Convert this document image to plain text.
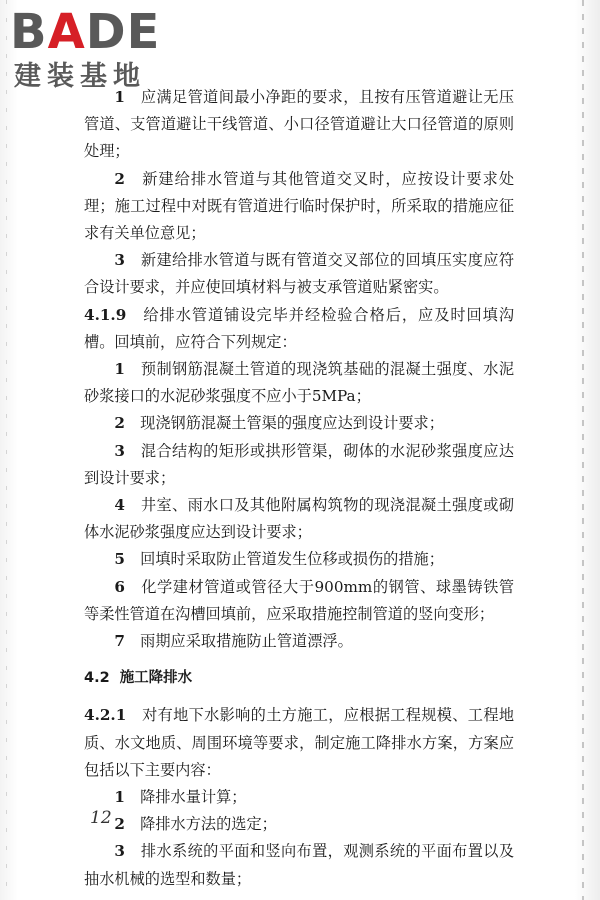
BADE
建装基地

1　 应满足管道间最小净距的要求，且按有压管道避让无压管道、支管道避让干线管道、小口径管道避让大口径管道的原则处理；

2　 新建给排水管道与其他管道交叉时，应按设计要求处理；施工过程中对既有管道进行临时保护时，所采取的措施应征求有关单位意见；

3　 新建给排水管道与既有管道交叉部位的回填压实度应符合设计要求，并应使回填材料与被支承管道贴紧密实。

4.1.9　 给排水管道铺设完毕并经检验合格后，应及时回填沟槽。回填前，应符合下列规定：

1　 预制钢筋混凝土管道的现浇筑基础的混凝土强度、水泥砂浆接口的水泥砂浆强度不应小于5MPa；

2　 现浇钢筋混凝土管渠的强度应达到设计要求；

3　 混合结构的矩形或拱形管渠，砌体的水泥砂浆强度应达到设计要求；

4　 井室、雨水口及其他附属构筑物的现浇混凝土强度或砌体水泥砂浆强度应达到设计要求；

5　 回填时采取防止管道发生位移或损伤的措施；

6　 化学建材管道或管径大于900mm的钢管、球墨铸铁管等柔性管道在沟槽回填前，应采取措施控制管道的竖向变形；

7　 雨期应采取措施防止管道漂浮。

4.2 施工降排水

4.2.1　 对有地下水影响的土方施工，应根据工程规模、工程地质、水文地质、周围环境等要求，制定施工降排水方案，方案应包括以下主要内容：

1　 降排水量计算；

2　 降排水方法的选定；

3　 排水系统的平面和竖向布置，观测系统的平面布置以及抽水机械的选型和数量；

12
